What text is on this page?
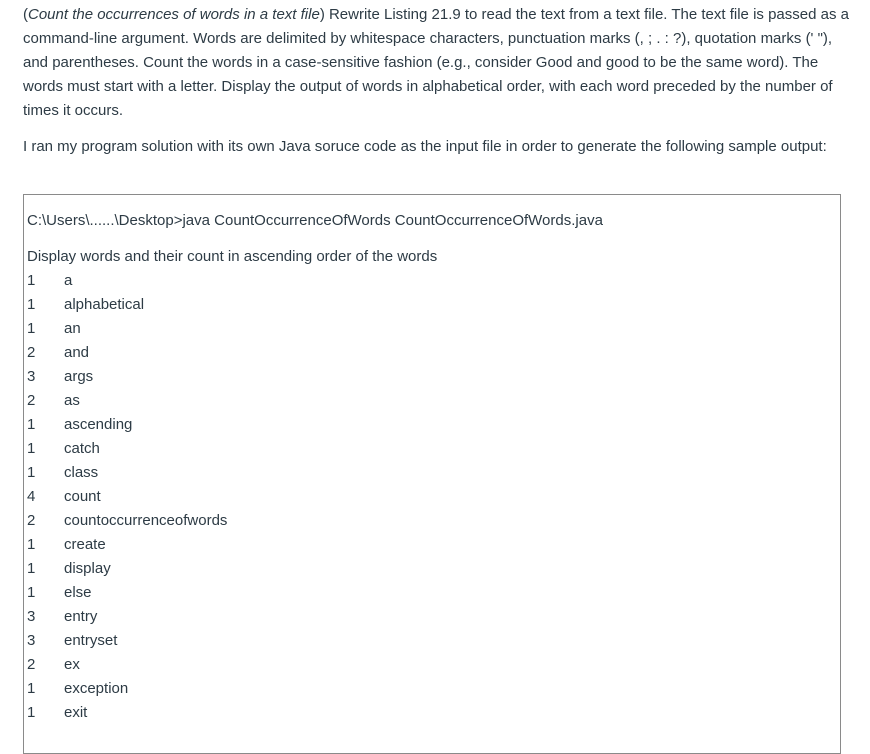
(Count the occurrences of words in a text file) Rewrite Listing 21.9 to read the text from a text file. The text file is passed as a command-line argument. Words are delimited by whitespace characters, punctuation marks (, ; . : ?), quotation marks (' "), and parentheses. Count the words in a case-sensitive fashion (e.g., consider Good and good to be the same word). The words must start with a letter. Display the output of words in alphabetical order, with each word preceded by the number of times it occurs.

I ran my program solution with its own Java soruce code as the input file in order to generate the following sample output:

C:\Users\......\Desktop>java CountOccurrenceOfWords CountOccurrenceOfWords.java
Display words and their count in ascending order of the words
1	a
1	alphabetical
1	an
2	and
3	args
2	as
1	ascending
1	catch
1	class
4	count
2	countoccurrenceofwords
1	create
1	display
1	else
3	entry
3	entryset
2	ex
1	exception
1	exit
